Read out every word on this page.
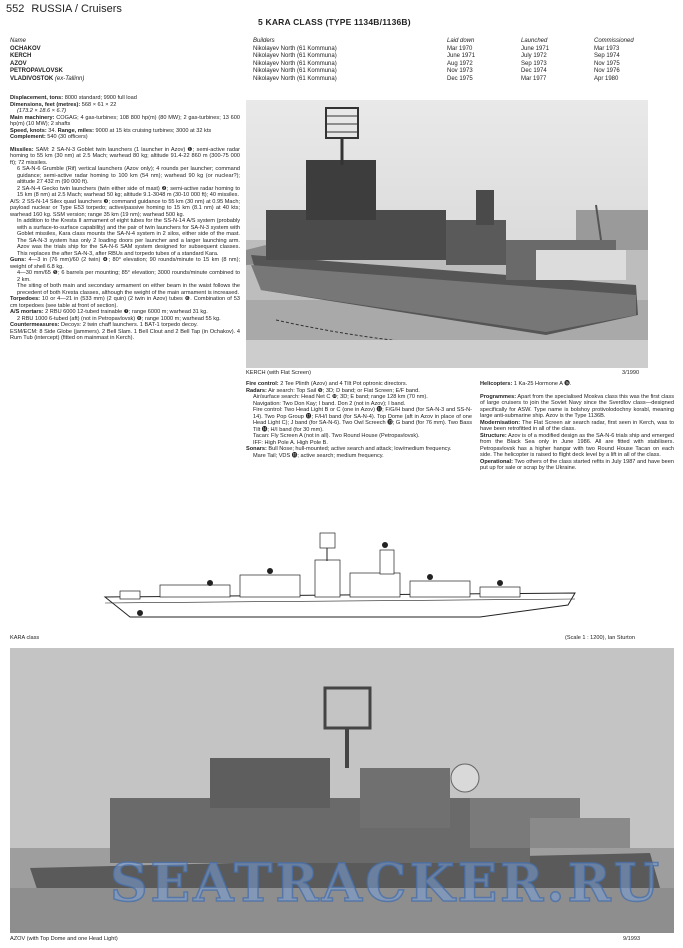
552 RUSSIA / Cruisers
5 KARA CLASS (TYPE 1134B/1136B)
Name	Builders	Laid down	Launched	Commissioned
OCHAKOV	Nikolayev North (61 Kommuna)	Mar 1970	June 1971	Mar 1973
KERCH	Nikolayev North (61 Kommuna)	June 1971	July 1972	Sep 1974
AZOV	Nikolayev North (61 Kommuna)	Aug 1972	Sep 1973	Nov 1975
PETROPAVLOVSK	Nikolayev North (61 Kommuna)	Nov 1973	Dec 1974	Nov 1976
VLADIVOSTOK (ex-Tallinn)	Nikolayev North (61 Kommuna)	Dec 1975	Mar 1977	Apr 1980

Displacement, tons: 8000 standard; 9900 full load

Dimensions, feet (metres): 568 × 61 × 22

(173.2 × 18.6 × 6.7)

Main machinery: COGAG; 4 gas-turbines; 108 800 hp(m) (80 MW); 2 gas-turbines; 13 600 hp(m) (10 MW); 2 shafts

Speed, knots: 34. Range, miles: 9000 at 15 kts cruising turbines; 3000 at 32 kts

Complement: 540 (30 officers)

Missiles: SAM: 2 SA-N-3 Goblet twin launchers (1 launcher in Azov) ❶; semi-active radar homing to 55 km (30 nm) at 2.5 Mach; warhead 80 kg; altitude 91.4-22 860 m (300-75 000 ft); 72 missiles.

6 SA-N-6 Grumble (Rif) vertical launchers (Azov only); 4 rounds per launcher; command guidance; semi-active radar homing to 100 km (54 nm); warhead 90 kg (or nuclear?); altitude 27 432 m (90 000 ft).

2 SA-N-4 Gecko twin launchers (twin either side of mast) ❷; semi-active radar homing to 15 km (8 nm) at 2.5 Mach; warhead 50 kg; altitude 9.1-3048 m (30-10 000 ft); 40 missiles.

A/S: 2 SS-N-14 Silex quad launchers ❸; command guidance to 55 km (30 nm) at 0.95 Mach; payload nuclear or Type E53 torpedo; active/passive homing to 15 km (8.1 nm) at 40 kts; warhead 160 kg. SSM version; range 35 km (19 nm); warhead 500 kg.

In addition to the Kresta II armament of eight tubes for the SS-N-14 A/S system (probably with a surface-to-surface capability) and the pair of twin launchers for SA-N-3 system with Goblet missiles, Kara class mounts the SA-N-4 system in 2 silos, either side of the mast. The SA-N-3 system has only 2 loading doors per launcher and a larger launching arm. Azov was the trials ship for the SA-N-6 SAM system designed for subsequent classes. This replaces the after SA-N-3, after RBUs and torpedo tubes of a standard Kara.

Guns: 4—3 in (76 mm)/60 (2 twin) ❹; 80° elevation; 90 rounds/minute to 15 km (8 nm); weight of shell 6.8 kg.

4—30 mm/65 ❺; 6 barrels per mounting; 85° elevation; 3000 rounds/minute combined to 2 km.

The siting of both main and secondary armament on either beam in the waist follows the precedent of both Kresta classes, although the weight of the main armament is increased.

Torpedoes: 10 or 4—21 in (533 mm) (2 quin) (2 twin in Azov) tubes ❻. Combination of 53 cm torpedoes (see table at front of section).

A/S mortars: 2 RBU 6000 12-tubed trainable ❼; range 6000 m; warhead 31 kg.

2 RBU 1000 6-tubed (aft) (not in Petropavlovsk) ❽; range 1000 m; warhead 55 kg.

Countermeasures: Decoys: 2 twin chaff launchers. 1 BAT-1 torpedo decoy.

ESM/ECM: 8 Side Globe (jammers). 2 Bell Slam. 1 Bell Clout and 2 Bell Tap (in Ochakov). 4 Rum Tub (intercept) (fitted on mainmast in Kerch).

KERCH (with Flat Screen)	3/1990

Fire control: 2 Tee Plinth (Azov) and 4 Tilt Pot optronic directors.

Radars: Air search: Top Sail ❾; 3D; D band; or Flat Screen; E/F band.

Air/surface search: Head Net C ❿; 3D; E band; range 128 km (70 nm).

Navigation: Two Don Kay; I band. Don 2 (not in Azov); I band.

Fire control: Two Head Light B or C (one in Azov) ⓫; F/G/H band (for SA-N-3 and SS-N-14). Two Pop Group ⓬; F/H/I band (for SA-N-4). Top Dome (aft in Azov in place of one Head Light C); J band (for SA-N-6). Two Owl Screech ⓭; G band (for 76 mm). Two Bass Tilt ⓮; H/I band (for 30 mm).

Tacan: Fly Screen A (not in all). Two Round House (Petropavlovsk).

IFF: High Pole A. High Pole B.

Sonars: Bull Nose; hull-mounted; active search and attack; low/medium frequency.

Mare Tail; VDS ⓯; active search; medium frequency.

Helicopters: 1 Ka-25 Hormone A ⓰.

Programmes: Apart from the specialised Moskva class this was the first class of large cruisers to join the Soviet Navy since the Sverdlov class—designed specifically for ASW. Type name is bolshoy protivolodochny korabl, meaning large anti-submarine ship. Azov is the Type 1136B.

Modernisation: The Flat Screen air search radar, first seen in Kerch, was to have been retrofitted in all of the class.

Structure: Azov is of a modified design as the SA-N-6 trials ship and emerged from the Black Sea only in June 1986. All are fitted with stabilisers. Petropavlovsk has a higher hangar with two Round House Tacan on each side. The helicopter is raised to flight deck level by a lift in all of the class.

Operational: Two others of the class started refits in July 1987 and have been put up for sale or scrap by the Ukraine.

KARA class	(Scale 1 : 1200), Ian Sturton
SEATRACKER.RU
AZOV (with Top Dome and one Head Light)	9/1993
